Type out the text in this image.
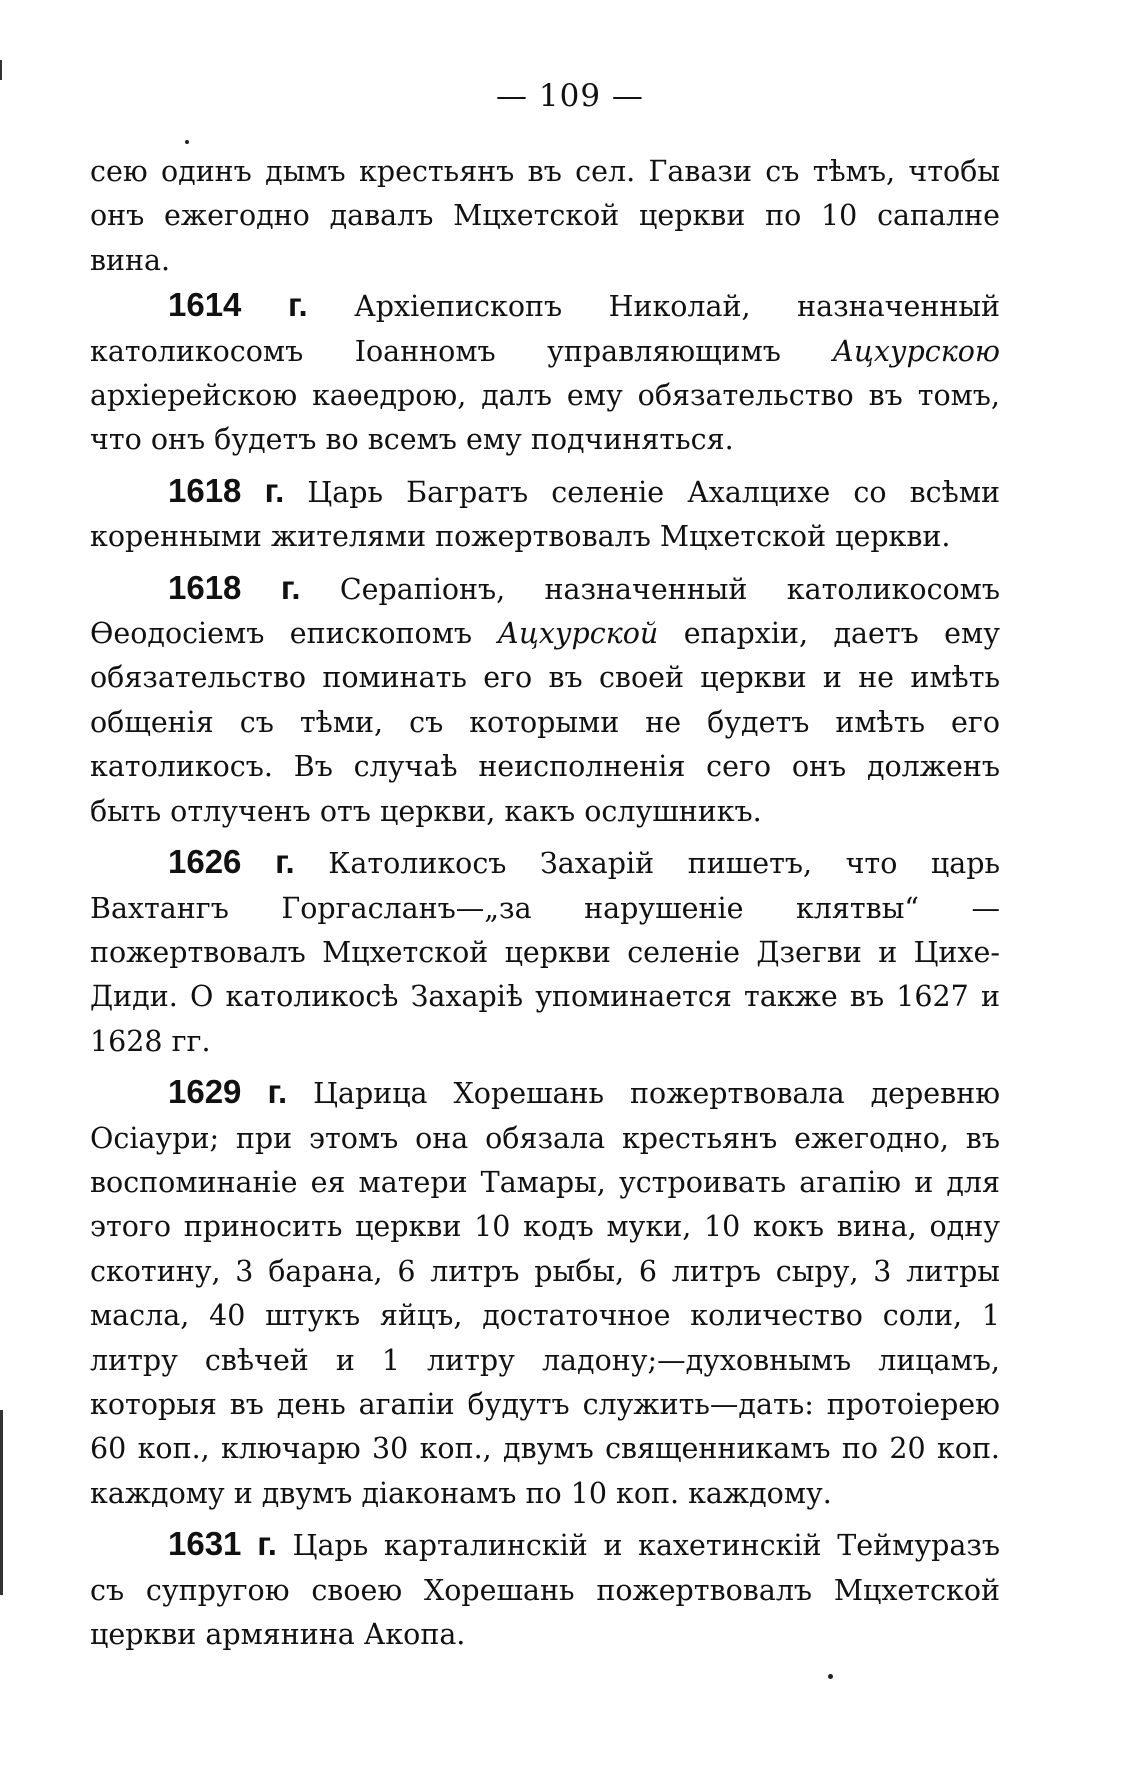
— 109 —

сею одинъ дымъ крестьянъ въ сел. Гавази съ тѣмъ, чтобы онъ ежегодно давалъ Мцхетской церкви по 10 сапалне вина.

1614 г. Архіепископъ Николай, назначенный католикосомъ Іоанномъ управляющимъ Ацхурскою архіерейскою каѳедрою, далъ ему обязательство въ томъ, что онъ будетъ во всемъ ему подчиняться.

1618 г. Царь Багратъ селеніе Ахалцихе со всѣми коренными жителями пожертвовалъ Мцхетской церкви.

1618 г. Серапіонъ, назначенный католикосомъ Ѳеодосіемъ епископомъ Ацхурской епархіи, даетъ ему обязательство поминать его въ своей церкви и не имѣть общенія съ тѣми, съ которыми не будетъ имѣть его католикосъ. Въ случаѣ неисполненія сего онъ долженъ быть отлученъ отъ церкви, какъ ослушникъ.

1626 г. Католикосъ Захарій пишетъ, что царь Вахтангъ Горгасланъ—„за нарушеніе клятвы“ —пожертвовалъ Мцхетской церкви селеніе Дзегви и Цихе-Диди. О католикосѣ Захаріѣ упоминается также въ 1627 и 1628 гг.

1629 г. Царица Хорешань пожертвовала деревню Осіаури; при этомъ она обязала крестьянъ ежегодно, въ воспоминаніе ея матери Тамары, устроивать агапію и для этого приносить церкви 10 кодъ муки, 10 кокъ вина, одну скотину, 3 барана, 6 литръ рыбы, 6 литръ сыру, 3 литры масла, 40 штукъ яйцъ, достаточное количество соли, 1 литру свѣчей и 1 литру ладону;—духовнымъ лицамъ, которыя въ день агапіи будутъ служить—дать: протоіерею 60 коп., ключарю 30 коп., двумъ священникамъ по 20 коп. каждому и двумъ діаконамъ по 10 коп. каждому.

1631 г. Царь карталинскій и кахетинскій Теймуразъ съ супругою своею Хорешань пожертвовалъ Мцхетской церкви армянина Акопа.
